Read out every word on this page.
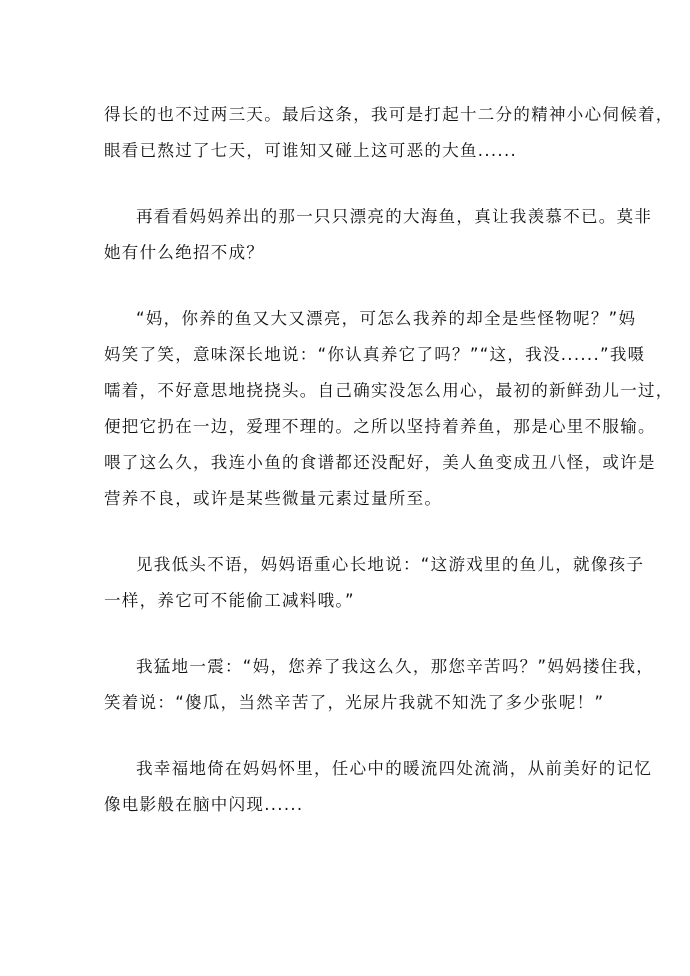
得长的也不过两三天。最后这条，我可是打起十二分的精神小心伺候着，
眼看已熬过了七天，可谁知又碰上这可恶的大鱼......

再看看妈妈养出的那一只只漂亮的大海鱼，真让我羡慕不已。莫非
她有什么绝招不成？

“妈，你养的鱼又大又漂亮，可怎么我养的却全是些怪物呢？”妈
妈笑了笑，意味深长地说：“你认真养它了吗？”“这，我没......”我嗫
嚅着，不好意思地挠挠头。自己确实没怎么用心，最初的新鲜劲儿一过，
便把它扔在一边，爱理不理的。之所以坚持着养鱼，那是心里不服输。
喂了这么久，我连小鱼的食谱都还没配好，美人鱼变成丑八怪，或许是
营养不良，或许是某些微量元素过量所至。

见我低头不语，妈妈语重心长地说：“这游戏里的鱼儿，就像孩子
一样，养它可不能偷工减料哦。”

我猛地一震：“妈，您养了我这么久，那您辛苦吗？”妈妈搂住我，
笑着说：“傻瓜，当然辛苦了，光尿片我就不知洗了多少张呢！”

我幸福地倚在妈妈怀里，任心中的暖流四处流淌，从前美好的记忆
像电影般在脑中闪现......
